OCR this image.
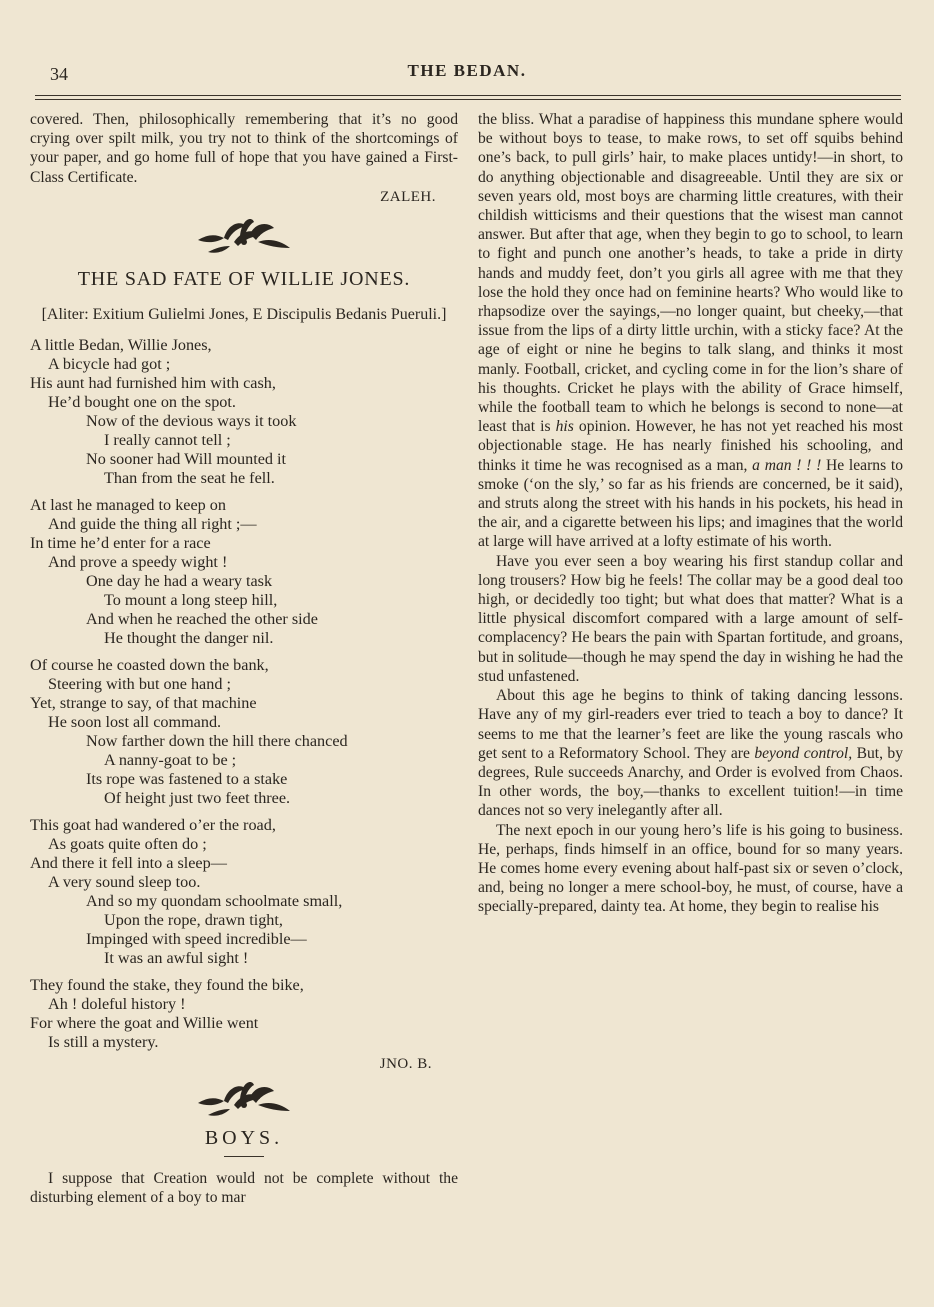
34	THE BEDAN.

covered. Then, philosophically remembering that it’s no good crying over spilt milk, you try not to think of the shortcomings of your paper, and go home full of hope that you have gained a First-Class Certificate.

ZALEH.
THE SAD FATE OF WILLIE JONES.
[Aliter: Exitium Gulielmi Jones, E Discipulis Bedanis Pueruli.]
A little Bedan, Willie Jones,
A bicycle had got ;
His aunt had furnished him with cash,
He’d bought one on the spot.
Now of the devious ways it took
I really cannot tell ;
No sooner had Will mounted it
Than from the seat he fell.
At last he managed to keep on
And guide the thing all right ;—
In time he’d enter for a race
And prove a speedy wight !
One day he had a weary task
To mount a long steep hill,
And when he reached the other side
He thought the danger nil.
Of course he coasted down the bank,
Steering with but one hand ;
Yet, strange to say, of that machine
He soon lost all command.
Now farther down the hill there chanced
A nanny-goat to be ;
Its rope was fastened to a stake
Of height just two feet three.
This goat had wandered o’er the road,
As goats quite often do ;
And there it fell into a sleep—
A very sound sleep too.
And so my quondam schoolmate small,
Upon the rope, drawn tight,
Impinged with speed incredible—
It was an awful sight !
They found the stake, they found the bike,
Ah ! doleful history !
For where the goat and Willie went
Is still a mystery.
JNO. B.
BOYS.

I suppose that Creation would not be complete without the disturbing element of a boy to mar

the bliss. What a paradise of happiness this mundane sphere would be without boys to tease, to make rows, to set off squibs behind one’s back, to pull girls’ hair, to make places untidy!—in short, to do anything objectionable and disagreeable. Until they are six or seven years old, most boys are charming little creatures, with their childish witticisms and their questions that the wisest man cannot answer. But after that age, when they begin to go to school, to learn to fight and punch one another’s heads, to take a pride in dirty hands and muddy feet, don’t you girls all agree with me that they lose the hold they once had on feminine hearts? Who would like to rhapsodize over the sayings,—no longer quaint, but cheeky,—that issue from the lips of a dirty little urchin, with a sticky face? At the age of eight or nine he begins to talk slang, and thinks it most manly. Football, cricket, and cycling come in for the lion’s share of his thoughts. Cricket he plays with the ability of Grace himself, while the football team to which he belongs is second to none—at least that is his opinion. However, he has not yet reached his most objectionable stage. He has nearly finished his schooling, and thinks it time he was recognised as a man, a man ! ! ! He learns to smoke (‘on the sly,’ so far as his friends are concerned, be it said), and struts along the street with his hands in his pockets, his head in the air, and a cigarette between his lips; and imagines that the world at large will have arrived at a lofty estimate of his worth.

Have you ever seen a boy wearing his first standup collar and long trousers? How big he feels! The collar may be a good deal too high, or decidedly too tight; but what does that matter? What is a little physical discomfort compared with a large amount of self-complacency? He bears the pain with Spartan fortitude, and groans, but in solitude—though he may spend the day in wishing he had the stud unfastened.

About this age he begins to think of taking dancing lessons. Have any of my girl-readers ever tried to teach a boy to dance? It seems to me that the learner’s feet are like the young rascals who get sent to a Reformatory School. They are beyond control, But, by degrees, Rule succeeds Anarchy, and Order is evolved from Chaos. In other words, the boy,—thanks to excellent tuition!—in time dances not so very inelegantly after all.

The next epoch in our young hero’s life is his going to business. He, perhaps, finds himself in an office, bound for so many years. He comes home every evening about half-past six or seven o’clock, and, being no longer a mere school-boy, he must, of course, have a specially-prepared, dainty tea. At home, they begin to realise his
